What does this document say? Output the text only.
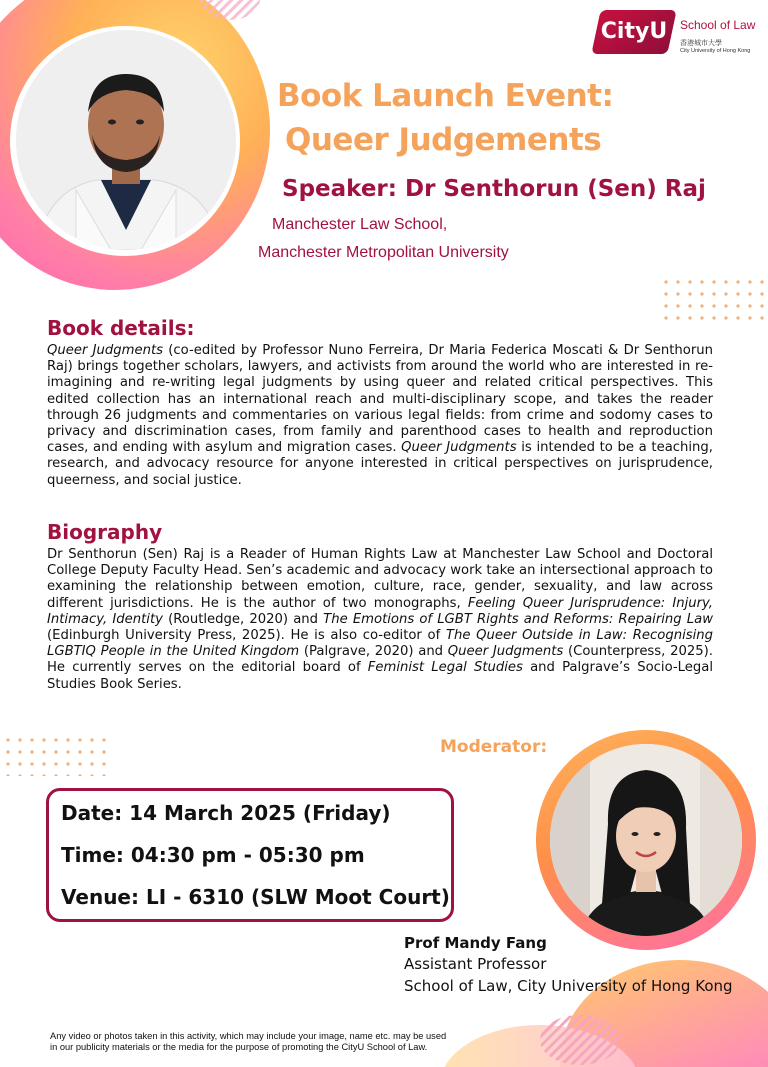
CityU	School of Law
香港城市大學
City University of Hong Kong
Book Launch Event:
Queer Judgements
Speaker: Dr Senthorun (Sen) Raj
Manchester Law School,
Manchester Metropolitan University
Book details:
Queer Judgments (co-edited by Professor Nuno Ferreira, Dr Maria Federica Moscati & Dr Senthorun Raj) brings together scholars, lawyers, and activists from around the world who are interested in re-imagining and re-writing legal judgments by using queer and related critical perspectives. This edited collection has an international reach and multi-disciplinary scope, and takes the reader through 26 judgments and commentaries on various legal fields: from crime and sodomy cases to privacy and discrimination cases, from family and parenthood cases to health and reproduction cases, and ending with asylum and migration cases. Queer Judgments is intended to be a teaching, research, and advocacy resource for anyone interested in critical perspectives on jurisprudence, queerness, and social justice.
Biography
Dr Senthorun (Sen) Raj is a Reader of Human Rights Law at Manchester Law School and Doctoral College Deputy Faculty Head. Sen’s academic and advocacy work take an intersectional approach to examining the relationship between emotion, culture, race, gender, sexuality, and law across different jurisdictions. He is the author of two monographs, Feeling Queer Jurisprudence: Injury, Intimacy, Identity (Routledge, 2020) and The Emotions of LGBT Rights and Reforms: Repairing Law (Edinburgh University Press, 2025). He is also co-editor of The Queer Outside in Law: Recognising LGBTIQ People in the United Kingdom (Palgrave, 2020) and Queer Judgments (Counterpress, 2025). He currently serves on the editorial board of Feminist Legal Studies and Palgrave’s Socio-Legal Studies Book Series.
Moderator:
Date: 14 March 2025 (Friday)
Time: 04:30 pm - 05:30 pm
Venue: LI - 6310 (SLW Moot Court)
Prof Mandy Fang
Assistant Professor
School of Law, City University of Hong Kong
Any video or photos taken in this activity, which may include your image, name etc. may be used in our publicity materials or the media for the purpose of promoting the CityU School of Law.
